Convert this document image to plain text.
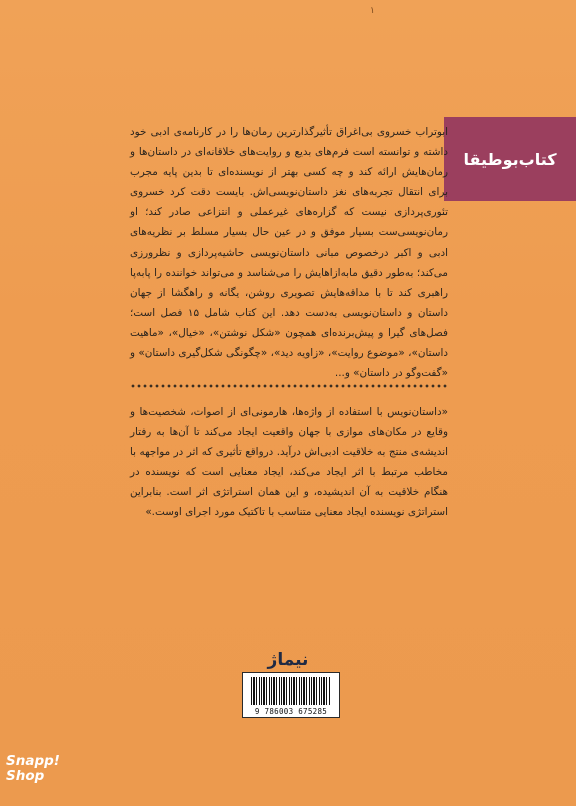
١
کتاب‌بوطیقا

ابوتراب خسروی بی‌اغراق تأثیرگذارترین رمان‌ها را در کارنامه‌ی ادبی خود داشته و توانسته است فرم‌های بدیع و روایت‌های خلاقانه‌ای در داستان‌ها و رمان‌هایش ارائه کند و چه کسی بهتر از نویسنده‌ای تا بدین پایه مجرب برای انتقال تجربه‌های نغز داستان‌نویسی‌اش. بایست دقت کرد خسروی تئوری‌پردازی نیست که گزاره‌های غیرعملی و انتزاعی صادر کند؛ او رمان‌نویسی‌ست بسیار موفق و در عین حال بسیار مسلط بر نظریه‌های ادبی و اکبر درخصوص مبانی داستان‌نویسی حاشیه‌پردازی و نظرورزی می‌کند؛ به‌طور دقیق مابه‌ازاهایش را می‌شناسد و می‌تواند خواننده را پابه‌پا راهبری کند تا با مداقه‌هایش تصویری روشن، یگانه و راهگشا از جهان داستان و داستان‌نویسی به‌دست دهد. این کتاب شامل ۱۵ فصل است؛ فصل‌های گیرا و پیش‌برنده‌ای همچون «شکل نوشتن»، «خیال»، «ماهیت داستان»، «موضوع روایت»، «زاویه دید»، «چگونگی شکل‌گیری داستان» و «گفت‌وگو در داستان» و...

«داستان‌نویس با استفاده از واژه‌ها، هارمونی‌ای از اصوات، شخصیت‌ها و وقایع در مکان‌های موازی با جهان واقعیت ایجاد می‌کند تا آن‌ها به رفتار اندیشه‌ی منتج به خلاقیت ادبی‌اش درآید. درواقع تأثیری که اثر در مواجهه با مخاطب مرتبط با اثر ایجاد می‌کند، ایجاد معنایی است که نویسنده در هنگام خلاقیت به آن اندیشیده، و این همان استراتژی اثر است. بنابراین استراتژی نویسنده ایجاد معنایی متناسب با تاکتیک مورد اجرای اوست.»

نیماژ
9 786003 675285
Snapp!
Shop
